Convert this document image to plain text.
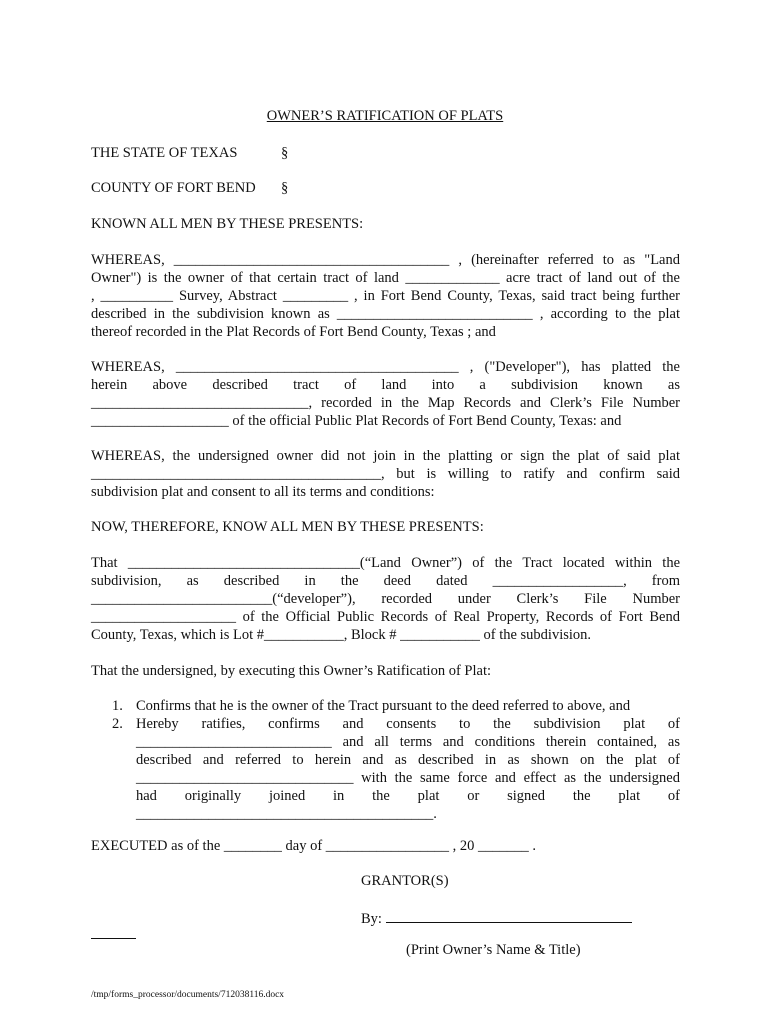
OWNER’S RATIFICATION OF PLATS
THE STATE OF TEXAS	§
COUNTY OF FORT BEND §
KNOWN ALL MEN BY THESE PRESENTS:
WHEREAS, ______________________________________ , (hereinafter referred to as "Land
Owner") is the owner of that certain tract of land _____________ acre tract of land out of the
, __________ Survey, Abstract _________ , in Fort Bend County, Texas, said tract being further
described in the subdivision known as ___________________________ , according to the plat
thereof recorded in the Plat Records of Fort Bend County, Texas ; and
WHEREAS, _______________________________________ , ("Developer"), has platted the
herein above described tract of land into a subdivision known as
______________________________, recorded in the Map Records and Clerk’s File Number
___________________ of the official Public Plat Records of Fort Bend County, Texas: and
WHEREAS, the undersigned owner did not join in the platting or sign the plat of said plat
________________________________________, but is willing to ratify and confirm said
subdivision plat and consent to all its terms and conditions:
NOW, THEREFORE, KNOW ALL MEN BY THESE PRESENTS:
That ________________________________(“Land Owner”) of the Tract located within the
subdivision, as described in the deed dated __________________, from
_________________________(“developer”), recorded under Clerk’s File Number
____________________ of the Official Public Records of Real Property, Records of Fort Bend
County, Texas, which is Lot #___________, Block # ___________ of the subdivision.
That the undersigned, by executing this Owner’s Ratification of Plat:
1. Confirms that he is the owner of the Tract pursuant to the deed referred to above, and
2. Hereby ratifies, confirms and consents to the subdivision plat of
___________________________ and all terms and conditions therein contained, as
described and referred to herein and as described in as shown on the plat of
______________________________ with the same force and effect as the undersigned
had originally joined in the plat or signed the plat of
_________________________________________.
EXECUTED as of the ________ day of _________________ , 20 _______ .
GRANTOR(S)
By:
(Print Owner’s Name & Title)
/tmp/forms_processor/documents/712038116.docx
